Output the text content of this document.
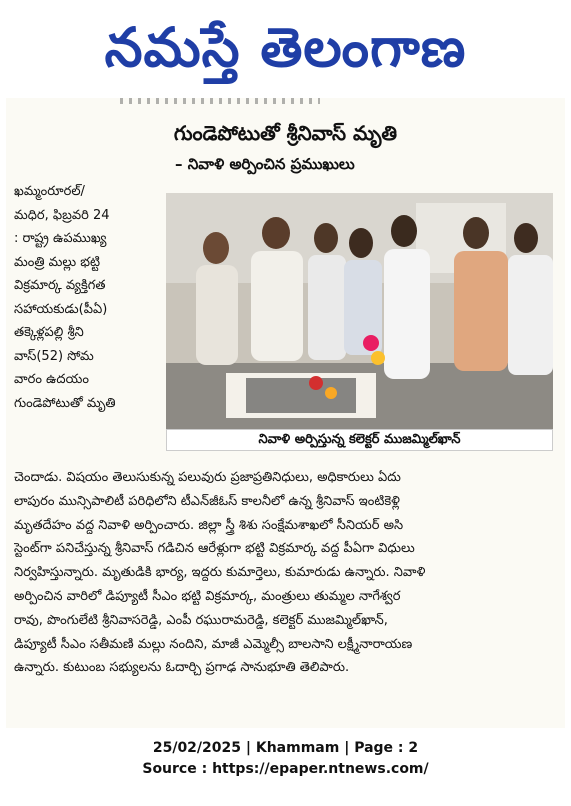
నమస్తే తెలంగాణ
గుండెపోటుతో శ్రీనివాస్ మృతి
– నివాళి అర్పించిన ప్రముఖులు
ఖమ్మంరూరల్/
మధిర, ఫిబ్రవరి 24
: రాష్ట్ర ఉపముఖ్య
మంత్రి మల్లు భట్టి
విక్రమార్క వ్యక్తిగత
సహాయకుడు(పీఏ)
తక్కెళ్లపల్లి శ్రీని
వాస్(52) సోమ
వారం ఉదయం
గుండెపోటుతో మృతి
నివాళి అర్పిస్తున్న కలెక్టర్ ముజమ్మిల్‌ఖాన్
చెందాడు. విషయం తెలుసుకున్న పలువురు ప్రజాప్రతినిధులు, అధికారులు ఏదు
లాపురం మున్సిపాలిటీ పరిధిలోని టీఎన్‌జీఓస్ కాలనీలో ఉన్న శ్రీనివాస్ ఇంటికెళ్లి
మృతదేహం వద్ద నివాళి అర్పించారు. జిల్లా స్త్రీ శిశు సంక్షేమశాఖలో సీనియర్ అసి
స్టెంట్‌గా పనిచేస్తున్న శ్రీనివాస్ గడిచిన ఆరేళ్లుగా భట్టి విక్రమార్క వద్ద పీఏగా విధులు
నిర్వహిస్తున్నారు. మృతుడికి భార్య, ఇద్దరు కుమార్తెలు, కుమారుడు ఉన్నారు. నివాళి
అర్పించిన వారిలో డిప్యూటీ సీఎం భట్టి విక్రమార్క, మంత్రులు తుమ్మల నాగేశ్వర
రావు, పొంగులేటి శ్రీనివాసరెడ్డి, ఎంపీ రఘురామరెడ్డి, కలెక్టర్ ముజమ్మిల్‌ఖాన్,
డిప్యూటీ సీఎం సతీమణి మల్లు నందిని, మాజీ ఎమ్మెల్సీ బాలసాని లక్ష్మీనారాయణ
ఉన్నారు. కుటుంబ సభ్యులను ఓదార్చి ప్రగాఢ సానుభూతి తెలిపారు.
25/02/2025 | Khammam | Page : 2
Source : https://epaper.ntnews.com/
